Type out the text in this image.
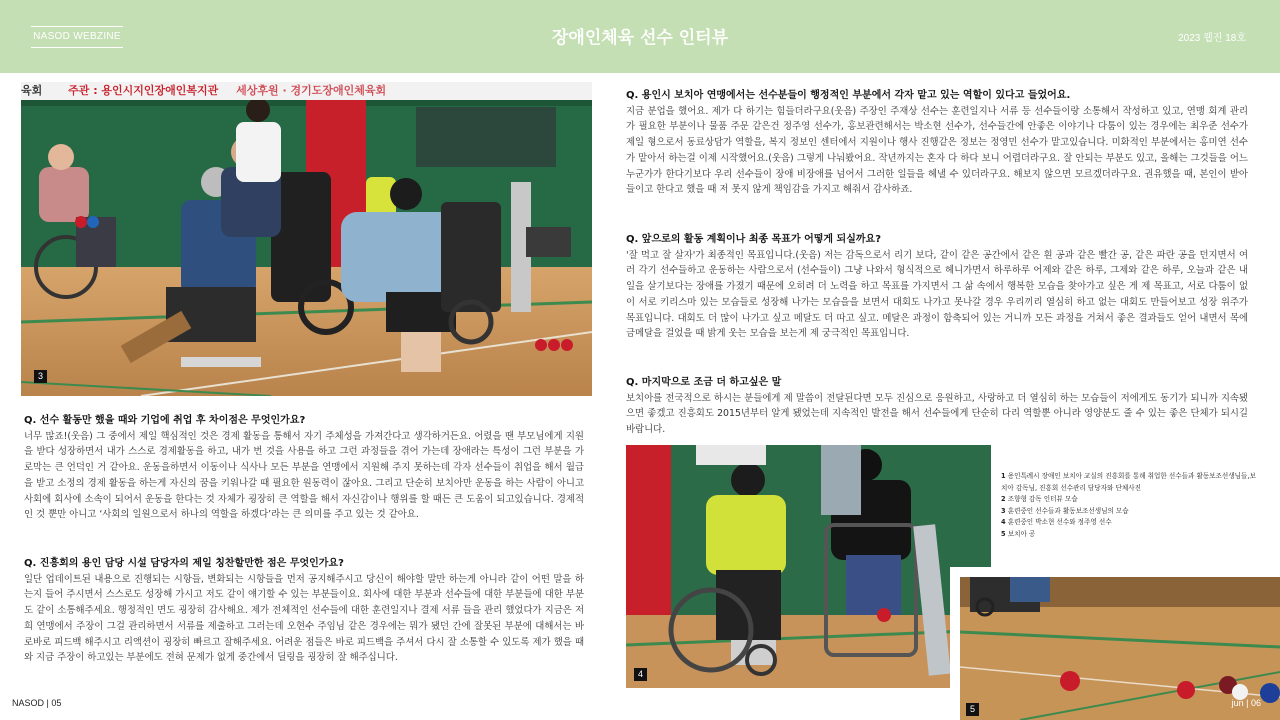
NASOD WEBZINE	장애인체육 선수 인터뷰	2023 웹진 18호
육회 주관 : 용인시지인장애인복지관 세상후원 · 경기도장애인체육회
3
Q. 선수 활동만 했을 때와 기업에 취업 후 차이점은 무엇인가요?

너무 많죠!(웃음) 그 중에서 제일 핵심적인 것은 경제 활동을 통해서 자기 주체성을 가져간다고 생각하거든요. 어렸을 땐 부모님에게 지원을 받다 성장하면서 내가 스스로 경제활동을 하고, 내가 번 것을 사용을 하고 그런 과정들을 겪어 가는데 장애라는 특성이 그런 부분을 가로막는 큰 언덕인 거 같아요. 운동을하면서 이동이나 식사나 모든 부분을 연맹에서 지원해 주지 못하는데 각자 선수들이 취업을 해서 월급을 받고 소정의 경제 활동을 하는게 자신의 꿈을 키워나갈 때 필요한 원동력이 잖아요. 그리고 단순히 보치아만 운동을 하는 사람이 아니고 사회에 회사에 소속이 되어서 운동을 한다는 것 자체가 굉장히 큰 역할을 해서 자신감이나 행위를 할 때든 큰 도움이 되고있습니다. 경제적인 것 뿐만 아니고 ‘사회의 일원으로서 하나의 역할을 하겠다’라는 큰 의미를 주고 있는 것 같아요.

Q. 진흥회의 용인 담당 시설 담당자의 제일 칭찬할만한 점은 무엇인가요?

일단 업데이트된 내용으로 진행되는 시항들, 변화되는 시항들을 먼저 공지해주시고 당신이 해야할 말만 하는게 아니라 같이 어떤 말을 하는지 들어 주시면서 스스로도 성장해 가시고 저도 같이 얘기할 수 있는 부분들이요. 회사에 대한 부분과 선수들에 대한 부분들에 대한 부분도 같이 소통해주세요. 행정적인 면도 굉장히 감사해요. 제가 전체적인 선수들에 대한 훈련일지나 결제 서류 들을 관리 했었다가 지금은 저희 연맹에서 주장이 그걸 관리하면서 서류를 제출하고 그러는데 오현수 주임님 같은 경우에는 뭐가 됐던 간에 잘못된 부분에 대해서는 바로바로 피드백 해주시고 리액션이 굉장히 빠르고 잘해주세요. 어려운 점들은 바로 피드백을 주셔서 다시 잘 소통할 수 있도록 제가 했을 때와 지금 주장이 하고있는 부분에도 전혀 문제가 없게 중간에서 딜링을 굉장히 잘 해주십니다.

Q. 용인시 보치아 연맹에서는 선수분들이 행정적인 부분에서 각자 맡고 있는 역할이 있다고 들었어요.

지금 분업을 했어요. 제가 다 하기는 힘들더라구요(웃음) 주장인 주재상 선수는 훈련일지나 서류 등 선수들이랑 소통해서 작성하고 있고, 연맹 회계 관리가 필요한 부분이나 물품 주문 같은건 정주영 선수가, 홍보관련해서는 박소현 선수가, 선수들간에 안좋은 이야기나 다툼이 있는 경우에는 최우준 선수가 제일 형으로서 동료상담가 역할을, 복지 정보인 센터에서 지원이나 행사 진행같은 정보는 정영민 선수가 맡고있습니다. 미화적인 부분에서는 홍미연 선수가 맡아서 하는걸 이제 시작했어요.(웃음) 그렇게 나눠봤어요. 작년까지는 혼자 다 하다 보니 어렵더라구요. 잘 안되는 부분도 있고, 올해는 그것들을 어느 누군가가 한다기보다 우리 선수들이 장애 비장애를 넘어서 그러한 일들을 헤낼 수 있더라구요. 해보지 않으면 모르겠더라구요. 권유했을 때, 본인이 받아들이고 한다고 했을 때 저 못지 않게 책임감을 가지고 해줘서 감사하죠.

Q. 앞으로의 활동 계획이나 최종 목표가 어떻게 되실까요?

'잘 먹고 잘 살자'가 최종적인 목표입니다.(웃음) 저는 감독으로서 리기 보다, 같이 같은 공간에서 같은 흰 공과 같은 빨간 공, 같은 파란 공을 던지면서 여러 각기 선수들하고 운동하는 사람으로서 (선수들이) 그냥 나와서 형식적으로 헤니가면서 하루하루 어제와 같은 하루, 그제와 같은 하루, 오늘과 같은 내일을 살기보다는 장애를 가졌기 때문에 오히려 더 노력을 하고 목표를 가지면서 그 삶 속에서 행복한 모습을 찾아가고 싶은 게 제 목표고, 서로 다툼이 없이 서로 키리스마 있는 모습들로 성장해 나가는 모습을을 보면서 대회도 나가고 못나갈 경우 우리끼리 열심히 하고 없는 대회도 만들어보고 성장 위주가 목표입니다. 대회도 더 많이 나가고 싶고 메달도 더 따고 싶고. 메달은 과정이 함축되어 있는 거니까 모든 과정을 거쳐서 좋은 결과들도 얻어 내면서 목에 금메달을 걸었을 때 밝게 웃는 모습을 보는게 제 궁극적인 목표입니다.

Q. 마지막으로 조금 더 하고싶은 말

보치아를 전국적으로 하시는 분들에게 제 말씀이 전달된다면 모두 진심으로 응원하고, 사랑하고 더 열심히 하는 모습들이 저에게도 동기가 되니까 지속됐으면 좋겠고 진흥회도 2015년부터 알게 됐었는데 지속적인 발전을 해서 선수들에게 단순히 다리 역할뿐 아니라 영양분도 줄 수 있는 좋은 단체가 되시길 바랍니다.

4
1 용인특례시 장애인 보치아 교실의 진흥회를 통해 취업한 선수들과 활동보조선생님들,보치아 감독님, 진흥회 선수관리 담당자와 단체사진
2 조향형 감독 인터뷰 모습
3 훈련중인 선수들과 활동보조선생님의 모습
4 훈련중인 박소현 선수와 정주영 선수
5 보치아 공
5
NASOD | 05	jun | 06
